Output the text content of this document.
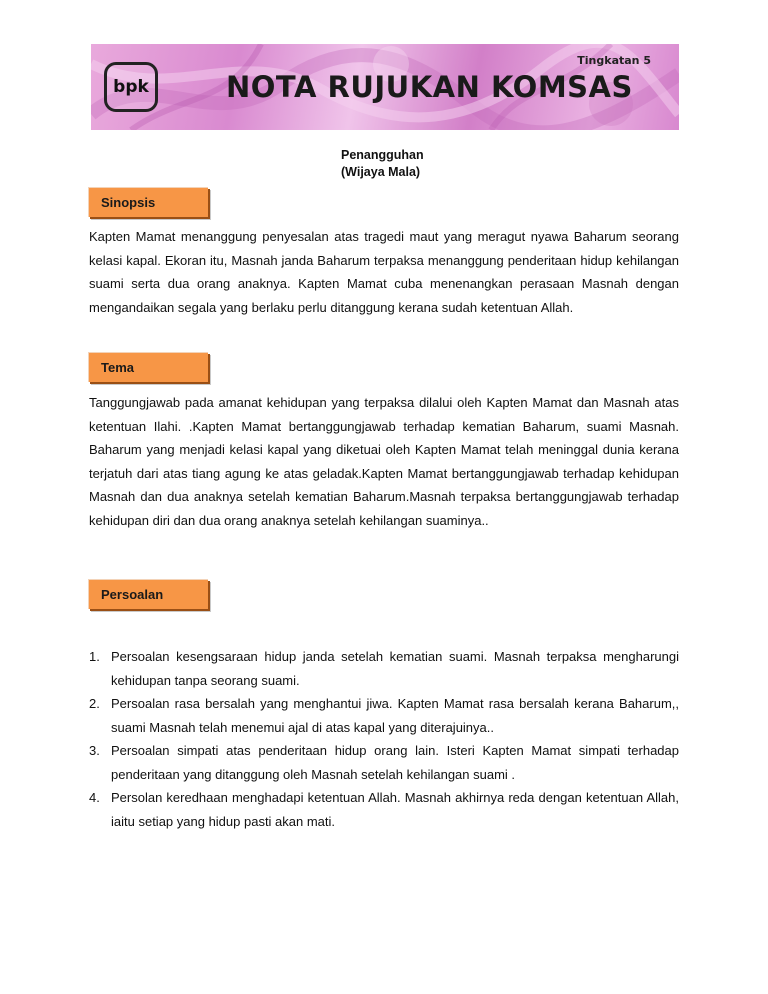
bpk	NOTA RUJUKAN KOMSAS
Tingkatan 5
Penangguhan
(Wijaya Mala)
Sinopsis

Kapten Mamat menanggung penyesalan atas tragedi maut yang meragut nyawa Baharum seorang kelasi kapal. Ekoran itu, Masnah janda Baharum terpaksa menanggung penderitaan hidup kehilangan suami serta dua orang anaknya. Kapten Mamat cuba menenangkan perasaan Masnah dengan mengandaikan segala yang berlaku perlu ditanggung kerana sudah ketentuan Allah.

Tema

Tanggungjawab pada amanat kehidupan yang terpaksa dilalui oleh Kapten Mamat dan Masnah atas ketentuan Ilahi. .Kapten Mamat bertanggungjawab terhadap kematian Baharum, suami Masnah. Baharum yang menjadi kelasi kapal yang diketuai oleh Kapten Mamat telah meninggal dunia kerana terjatuh dari atas tiang agung ke atas geladak.Kapten Mamat bertanggungjawab terhadap kehidupan Masnah dan dua anaknya setelah kematian Baharum.Masnah terpaksa bertanggungjawab terhadap kehidupan diri dan dua orang anaknya setelah kehilangan suaminya..

Persoalan
1. Persoalan kesengsaraan hidup janda setelah kematian suami. Masnah terpaksa mengharungi kehidupan tanpa seorang suami.
2. Persoalan rasa bersalah yang menghantui jiwa. Kapten Mamat rasa bersalah kerana Baharum,, suami Masnah telah menemui ajal di atas kapal yang diterajuinya..
3. Persoalan simpati atas penderitaan hidup orang lain. Isteri Kapten Mamat simpati terhadap penderitaan yang ditanggung oleh Masnah setelah kehilangan suami .
4. Persolan keredhaan menghadapi ketentuan Allah. Masnah akhirnya reda dengan ketentuan Allah, iaitu setiap yang hidup pasti akan mati.
